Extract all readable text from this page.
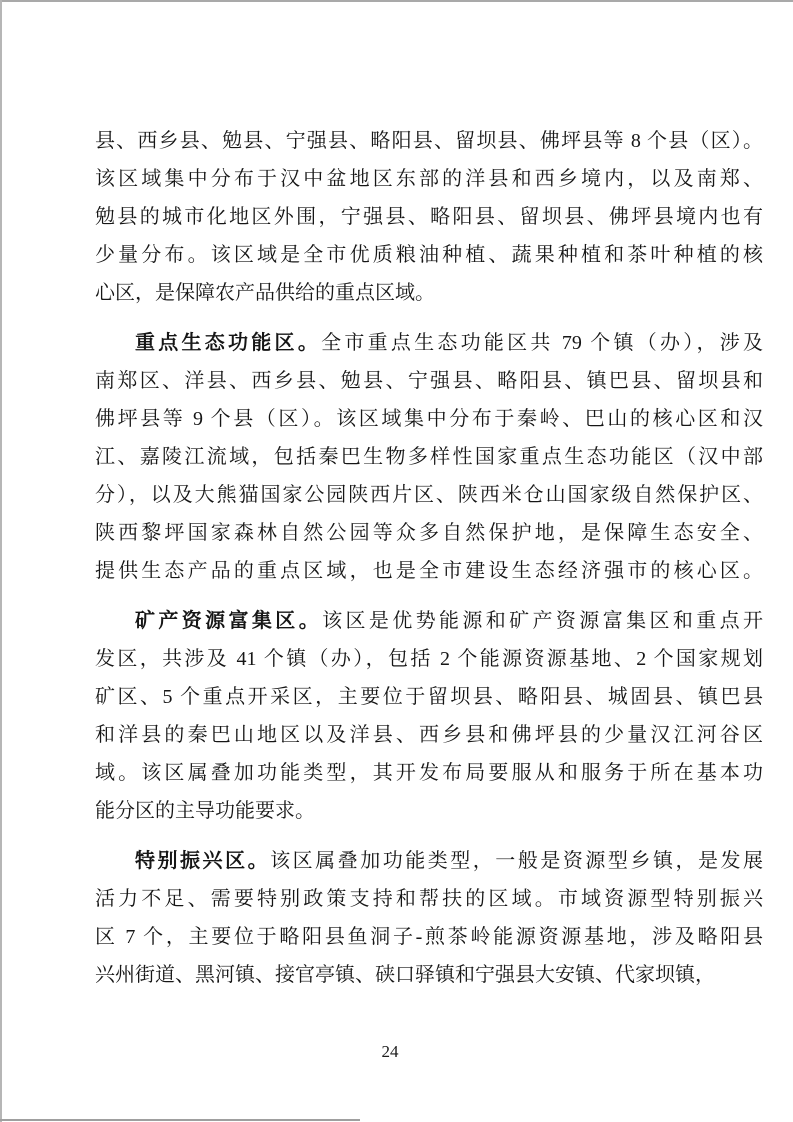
县、西乡县、勉县、宁强县、略阳县、留坝县、佛坪县等 8 个县（区）。
该区域集中分布于汉中盆地区东部的洋县和西乡境内，以及南郑、
勉县的城市化地区外围，宁强县、略阳县、留坝县、佛坪县境内也有
少量分布。该区域是全市优质粮油种植、蔬果种植和茶叶种植的核
心区，是保障农产品供给的重点区域。
重点生态功能区。全市重点生态功能区共 79 个镇（办），涉及
南郑区、洋县、西乡县、勉县、宁强县、略阳县、镇巴县、留坝县和
佛坪县等 9 个县（区）。该区域集中分布于秦岭、巴山的核心区和汉
江、嘉陵江流域，包括秦巴生物多样性国家重点生态功能区（汉中部
分），以及大熊猫国家公园陕西片区、陕西米仓山国家级自然保护区、
陕西黎坪国家森林自然公园等众多自然保护地，是保障生态安全、
提供生态产品的重点区域，也是全市建设生态经济强市的核心区。
矿产资源富集区。该区是优势能源和矿产资源富集区和重点开
发区，共涉及 41 个镇（办），包括 2 个能源资源基地、2 个国家规划
矿区、5 个重点开采区，主要位于留坝县、略阳县、城固县、镇巴县
和洋县的秦巴山地区以及洋县、西乡县和佛坪县的少量汉江河谷区
域。该区属叠加功能类型，其开发布局要服从和服务于所在基本功
能分区的主导功能要求。
特别振兴区。该区属叠加功能类型，一般是资源型乡镇，是发展
活力不足、需要特别政策支持和帮扶的区域。市域资源型特别振兴
区 7 个，主要位于略阳县鱼洞子-煎茶岭能源资源基地，涉及略阳县
兴州街道、黑河镇、接官亭镇、硖口驿镇和宁强县大安镇、代家坝镇，
24
